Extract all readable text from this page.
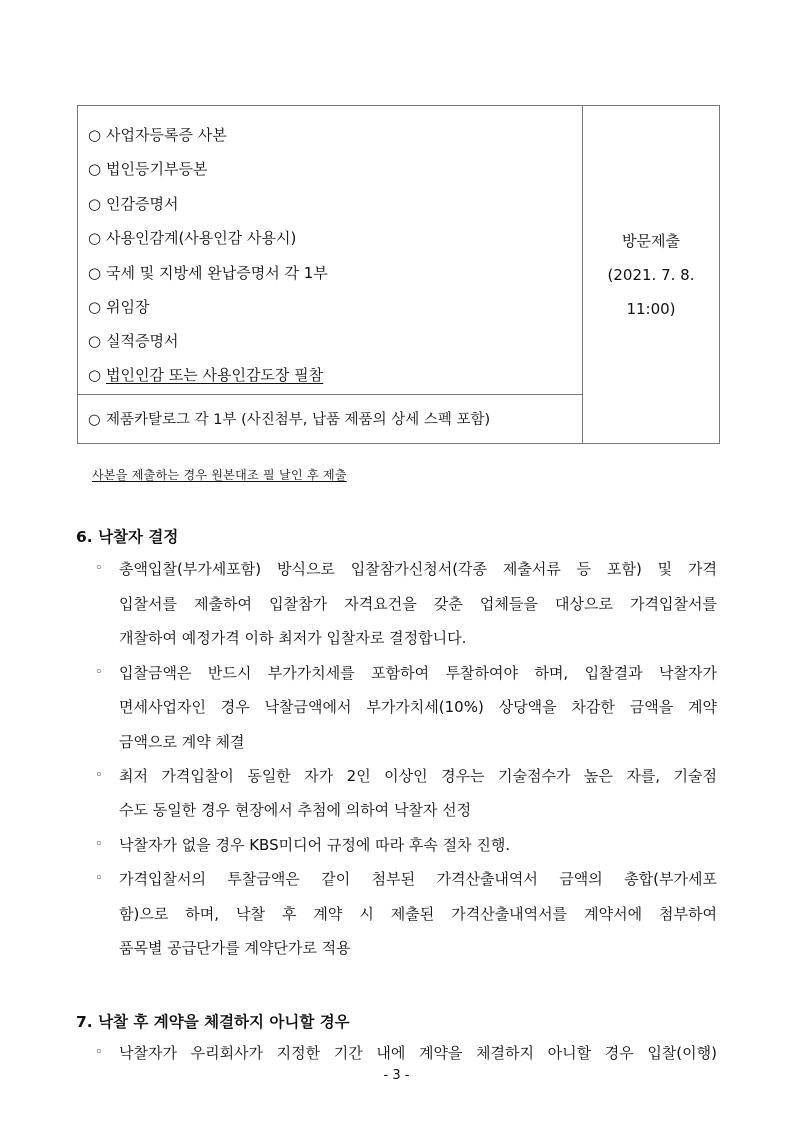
○ 사업자등록증 사본
○ 법인등기부등본
○ 인감증명서
○ 사용인감계(사용인감 사용시)
○ 국세 및 지방세 완납증명서 각 1부
○ 위임장
○ 실적증명서
○ 법인인감 또는 사용인감도장 필참
○ 제품카탈로그 각 1부 (사진첨부, 납품 제품의 상세 스펙 포함)
방문제출
(2021. 7. 8.
11:00)
사본을 제출하는 경우 원본대조 필 날인 후 제출
6. 낙찰자 결정
◦ 총액입찰(부가세포함) 방식으로 입찰참가신청서(각종 제출서류 등 포함) 및 가격
입찰서를 제출하여 입찰참가 자격요건을 갖춘 업체들을 대상으로 가격입찰서를
개찰하여 예정가격 이하 최저가 입찰자로 결정합니다.
◦ 입찰금액은 반드시 부가가치세를 포함하여 투찰하여야 하며, 입찰결과 낙찰자가
면세사업자인 경우 낙찰금액에서 부가가치세(10%) 상당액을 차감한 금액을 계약
금액으로 계약 체결
◦ 최저 가격입찰이 동일한 자가 2인 이상인 경우는 기술점수가 높은 자를, 기술점
수도 동일한 경우 현장에서 추첨에 의하여 낙찰자 선정
◦ 낙찰자가 없을 경우 KBS미디어 규정에 따라 후속 절차 진행.
◦ 가격입찰서의 투찰금액은 같이 첨부된 가격산출내역서 금액의 총합(부가세포
함)으로 하며, 낙찰 후 계약 시 제출된 가격산출내역서를 계약서에 첨부하여
품목별 공급단가를 계약단가로 적용
7. 낙찰 후 계약을 체결하지 아니할 경우
◦ 낙찰자가 우리회사가 지정한 기간 내에 계약을 체결하지 아니할 경우 입찰(이행)
- 3 -
